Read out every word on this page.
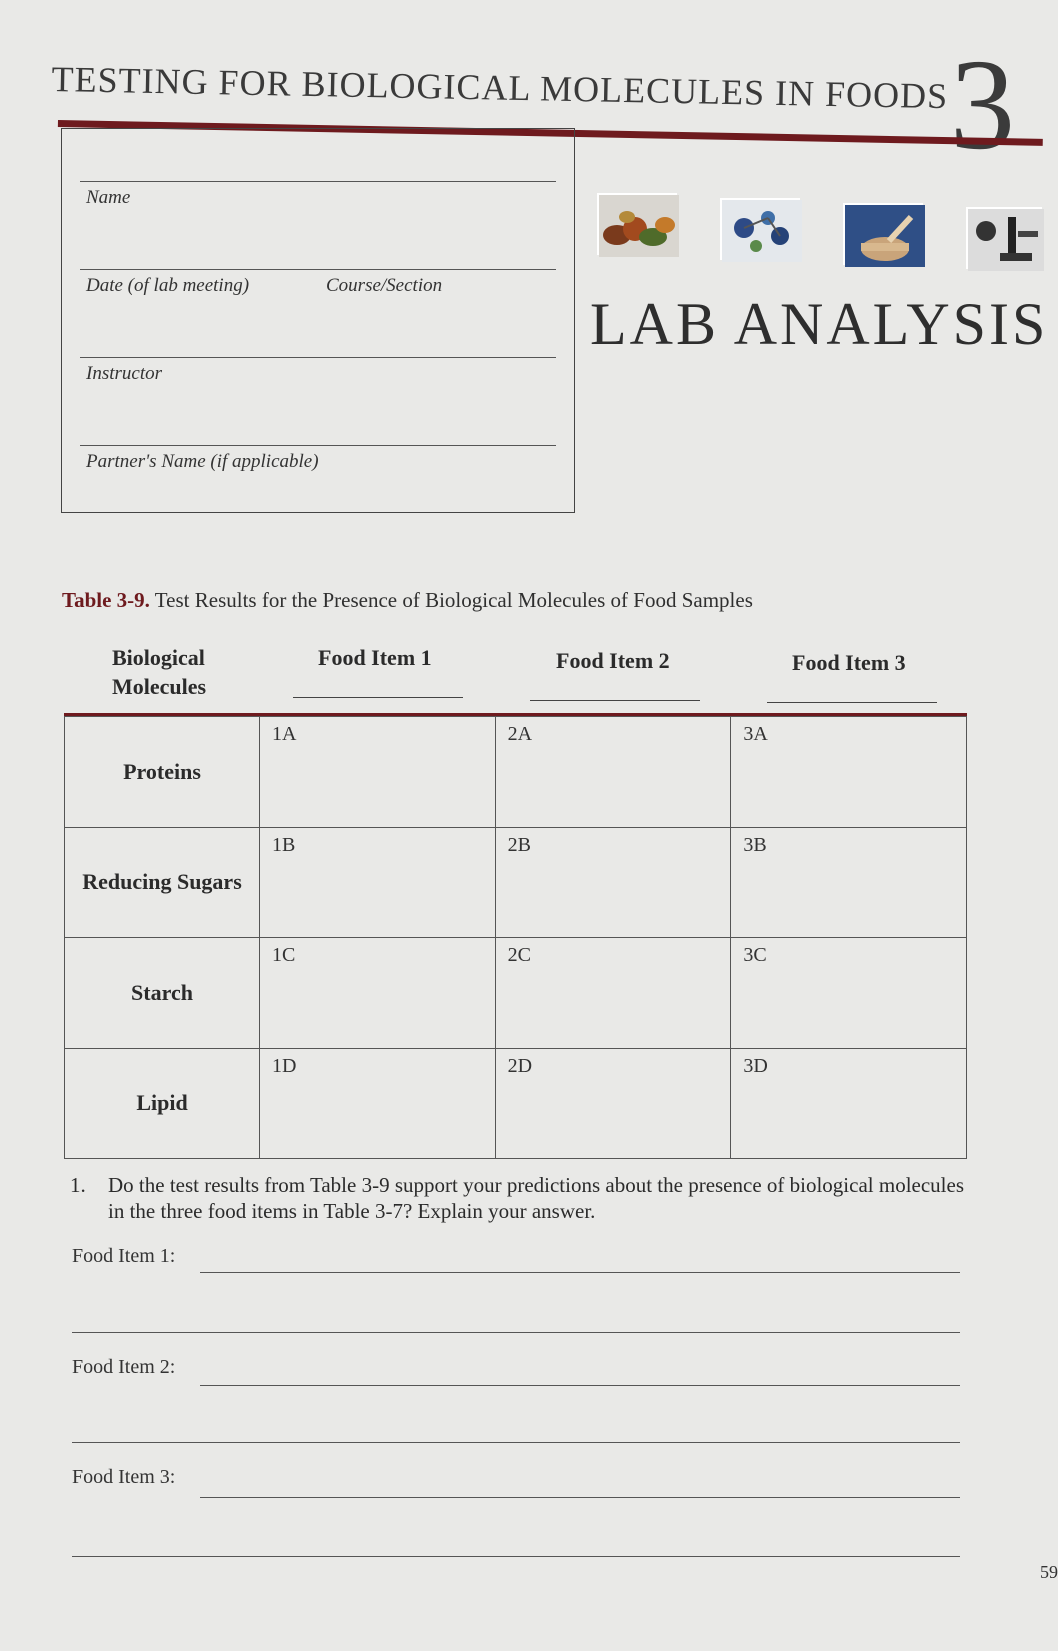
TESTING FOR BIOLOGICAL MOLECULES IN FOODS 3
Name
Date (of lab meeting)	Course/Section
Instructor
Partner's Name (if applicable)
LAB ANALYSIS
Table 3-9. Test Results for the Presence of Biological Molecules of Food Samples
Biological
Molecules
Food Item 1	Food Item 2	Food Item 3
Proteins	1A	2A	3A

Reducing Sugars	1B	2B	3B

Starch	1C	2C	3C

Lipid	1D	2D	3D
1. Do the test results from Table 3-9 support your predictions about the presence of biological molecules in the three food items in Table 3-7? Explain your answer.
Food Item 1:
Food Item 2:
Food Item 3:
59
